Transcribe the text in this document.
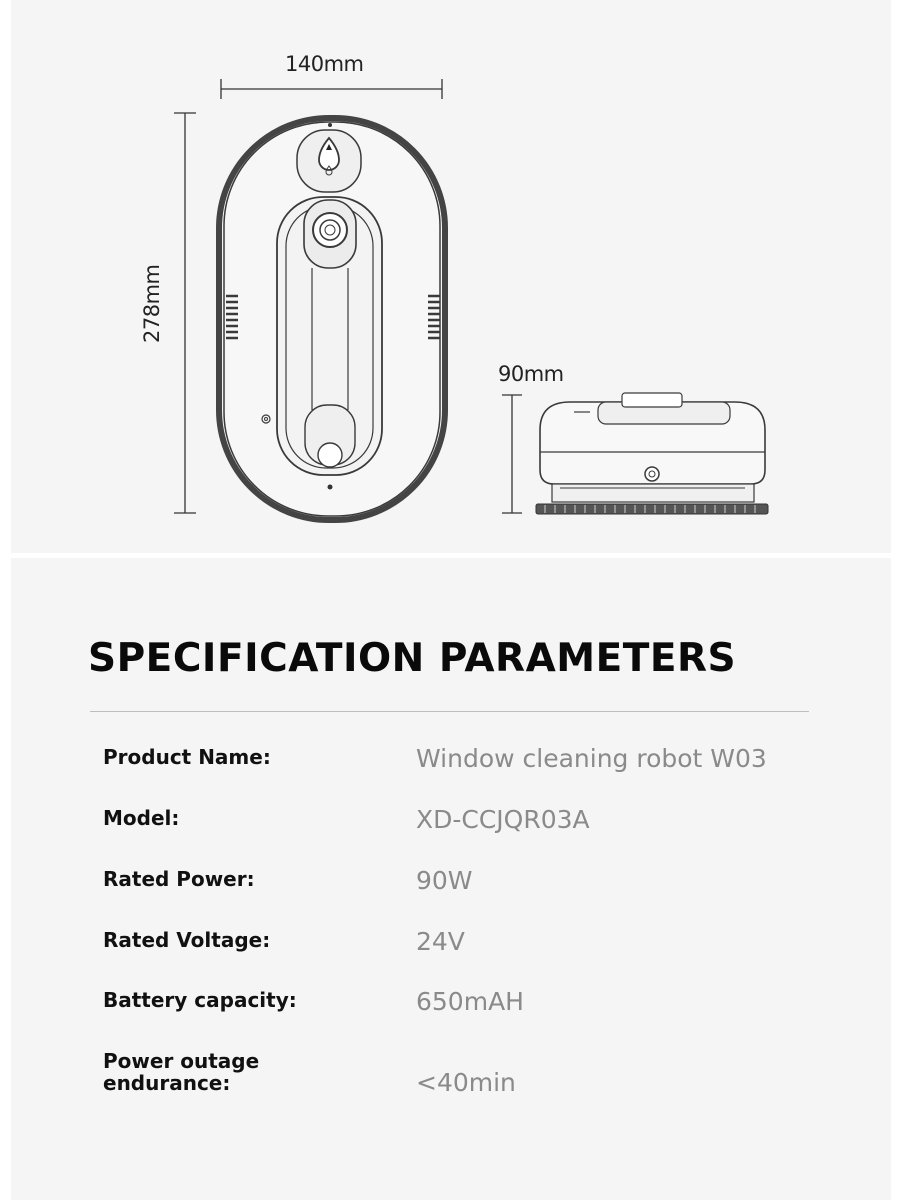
140mm
278mm
90mm
SPECIFICATION PARAMETERS
Product Name:	Window cleaning robot W03
Model:	XD-CCJQR03A
Rated Power:	90W
Rated Voltage:	24V
Battery capacity:	650mAH
Power outage endurance:	<40min
